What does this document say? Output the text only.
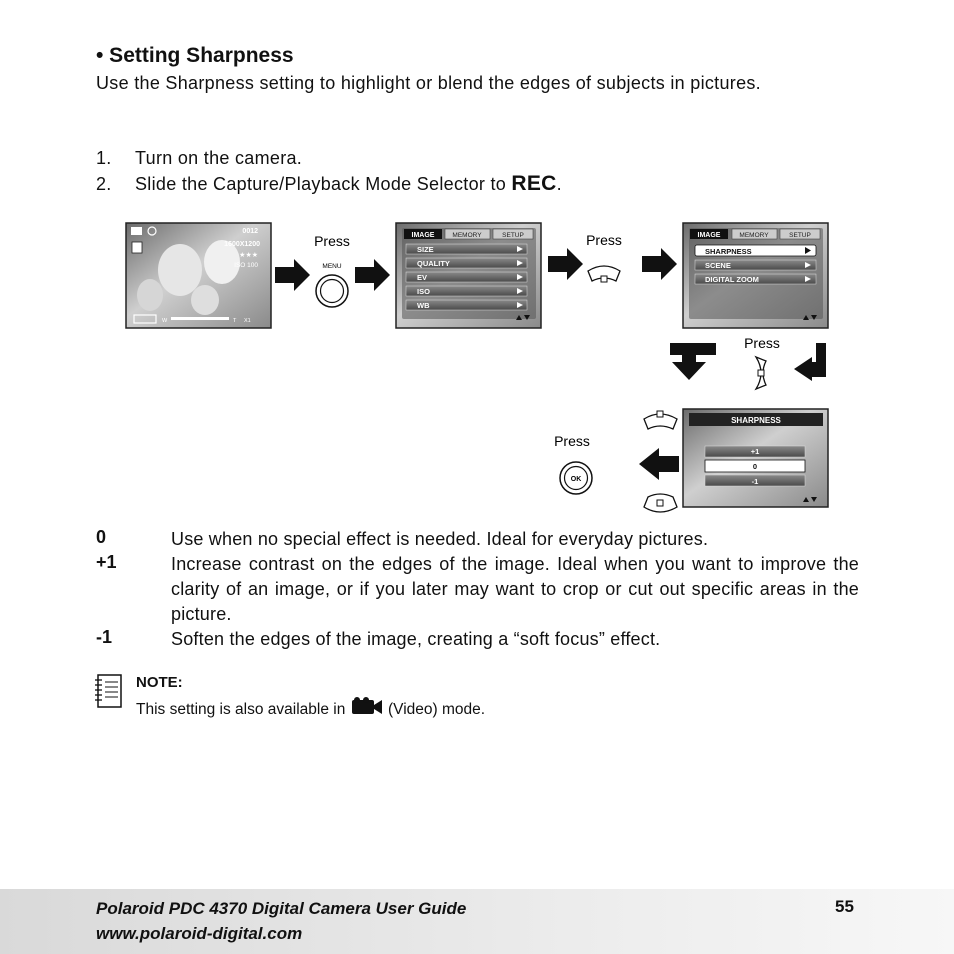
• Setting Sharpness
Use the Sharpness setting to highlight or blend the edges of subjects in pictures.
1. Turn on the camera.
2. Slide the Capture/Playback Mode Selector to REC.
0012
1600X1200
★★★
ISO 100
W	T X1
Press
MENU
IMAGE	MEMORY	SETUP
SIZE
QUALITY
EV
ISO
WB
Press	IMAGE	MEMORY	SETUP
SHARPNESS
SCENE
DIGITAL ZOOM
Press
SHARPNESS
+1
0
-1
Press
OK
0	Use when no special effect is needed. Ideal for everyday pictures.
+1	Increase contrast on the edges of the image. Ideal when you want to improve the clarity of an image, or if you later may want to crop or cut out specific areas in the picture.
-1	Soften the edges of the image, creating a “soft focus” effect.
NOTE:
This setting is also available in  (Video) mode.
Polaroid PDC 4370 Digital Camera User Guide
www.polaroid-digital.com
55
